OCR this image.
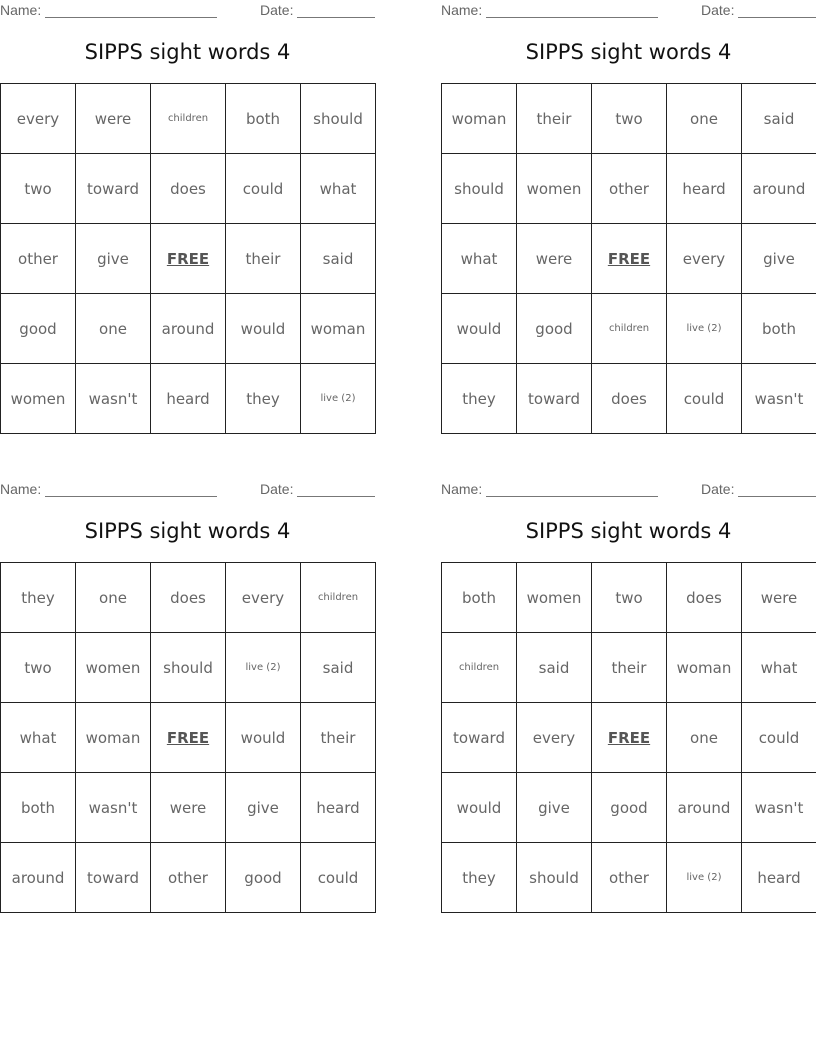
Name:	Date:
SIPPS sight words 4
every	were	children	both	should
two	toward	does	could	what
other	give	FREE	their	said
good	one	around	would	woman
women	wasn't	heard	they	live (2)
Name:	Date:
SIPPS sight words 4
woman	their	two	one	said
should	women	other	heard	around
what	were	FREE	every	give
would	good	children	live (2)	both
they	toward	does	could	wasn't
Name:	Date:
SIPPS sight words 4
they	one	does	every	children
two	women	should	live (2)	said
what	woman	FREE	would	their
both	wasn't	were	give	heard
around	toward	other	good	could
Name:	Date:
SIPPS sight words 4
both	women	two	does	were
children	said	their	woman	what
toward	every	FREE	one	could
would	give	good	around	wasn't
they	should	other	live (2)	heard
